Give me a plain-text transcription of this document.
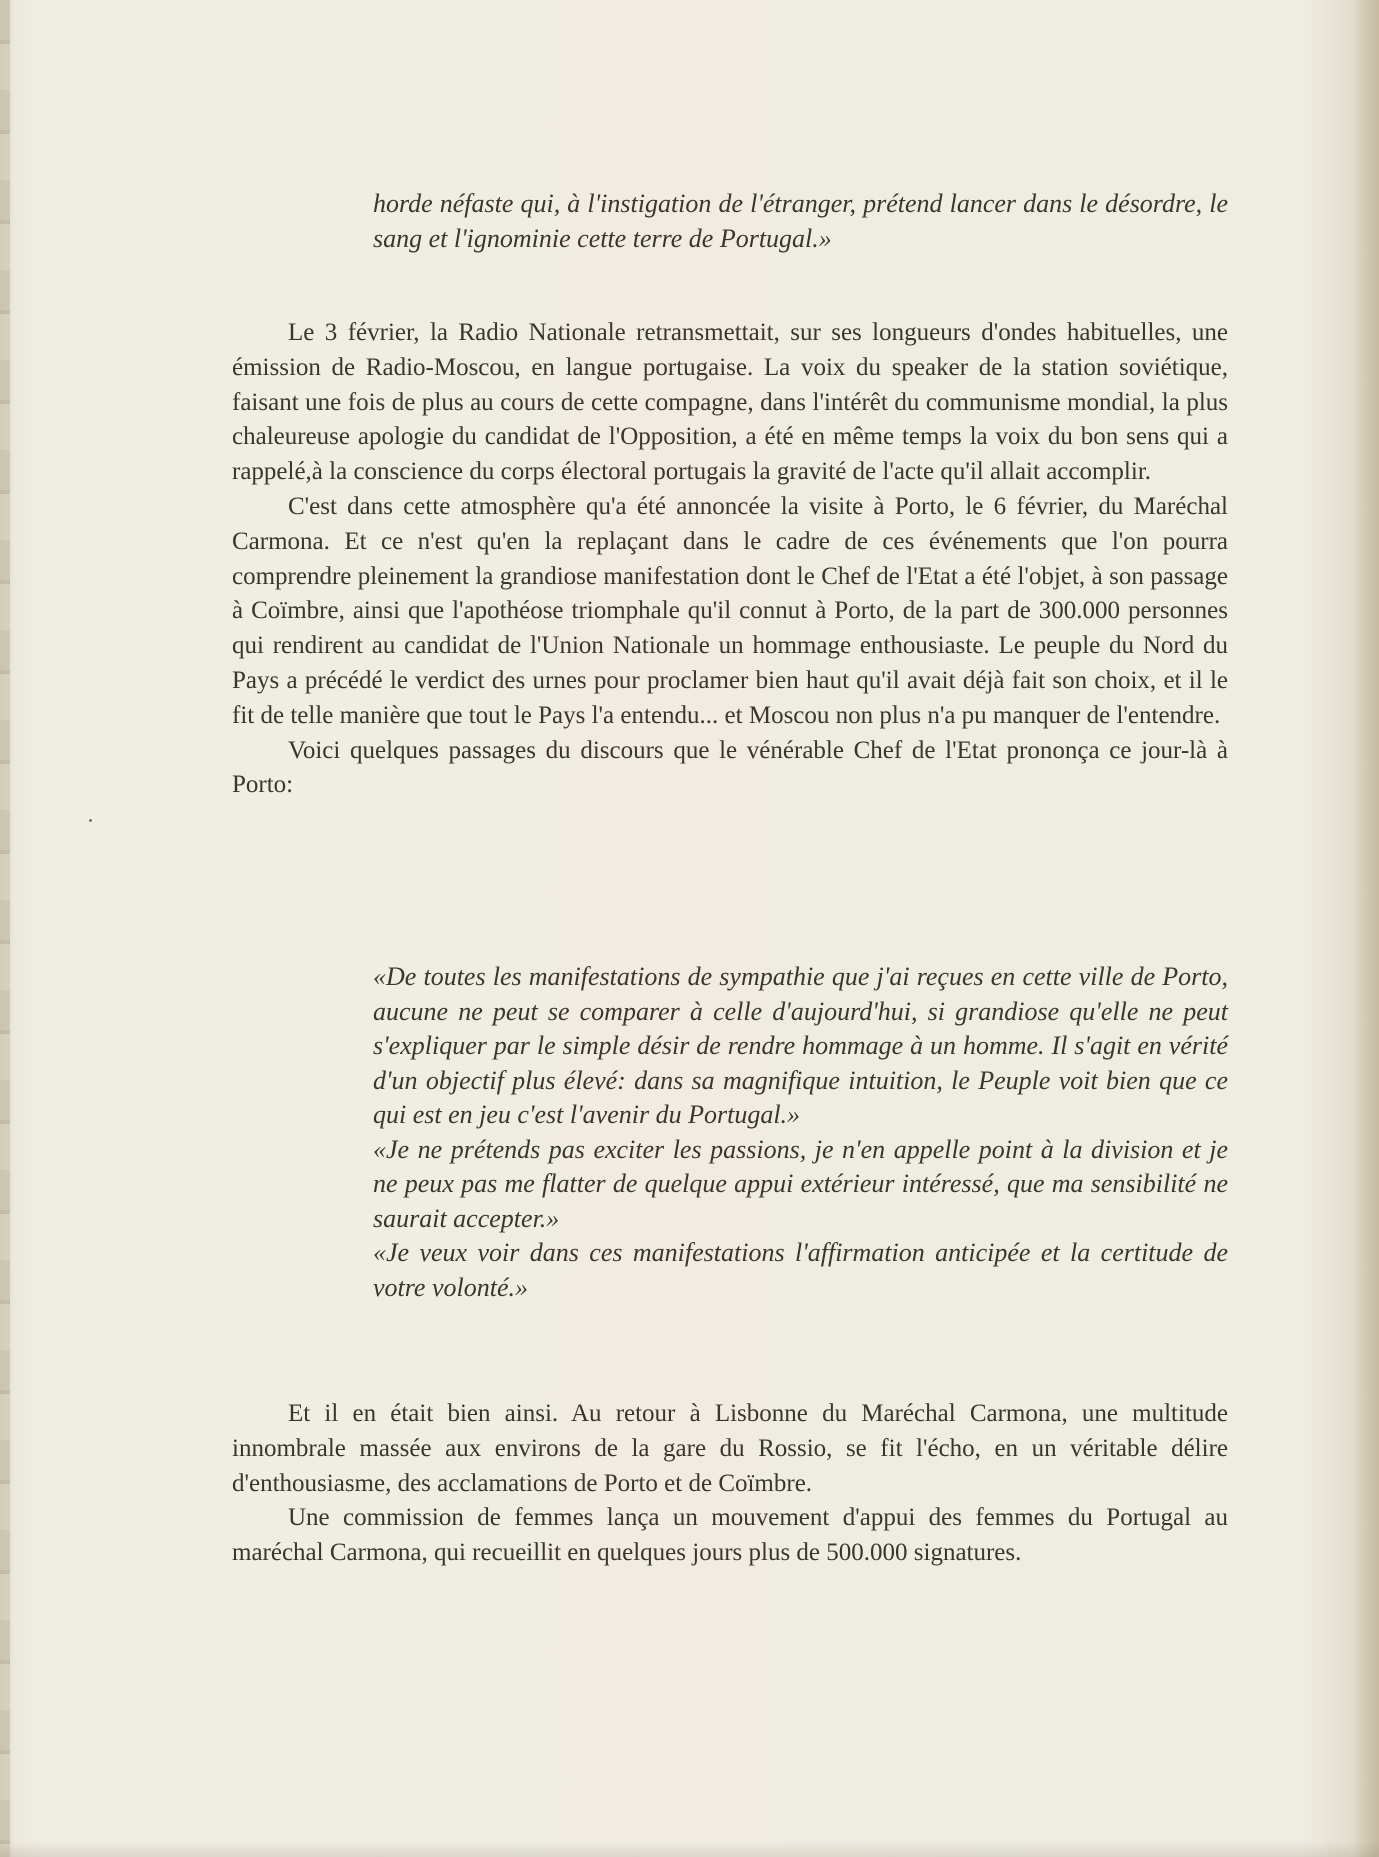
horde néfaste qui, à l'instigation de l'étranger, prétend lancer dans le désordre, le sang et l'ignominie cette terre de Portugal.»

Le 3 février, la Radio Nationale retransmettait, sur ses longueurs d'ondes habituelles, une émission de Radio-Moscou, en langue portugaise. La voix du speaker de la station soviétique, faisant une fois de plus au cours de cette compagne, dans l'intérêt du communisme mondial, la plus chaleureuse apologie du candidat de l'Opposition, a été en même temps la voix du bon sens qui a rappelé,à la conscience du corps électoral portugais la gravité de l'acte qu'il allait accomplir.

C'est dans cette atmosphère qu'a été annoncée la visite à Porto, le 6 février, du Maréchal Carmona. Et ce n'est qu'en la replaçant dans le cadre de ces événements que l'on pourra comprendre pleinement la grandiose manifestation dont le Chef de l'Etat a été l'objet, à son passage à Coïmbre, ainsi que l'apothéose triomphale qu'il connut à Porto, de la part de 300.000 personnes qui rendirent au candidat de l'Union Nationale un hommage enthousiaste. Le peuple du Nord du Pays a précédé le verdict des urnes pour proclamer bien haut qu'il avait déjà fait son choix, et il le fit de telle manière que tout le Pays l'a entendu... et Moscou non plus n'a pu manquer de l'entendre.

Voici quelques passages du discours que le vénérable Chef de l'Etat prononça ce jour-là à Porto:

«De toutes les manifestations de sympathie que j'ai reçues en cette ville de Porto, aucune ne peut se comparer à celle d'aujourd'hui, si grandiose qu'elle ne peut s'expliquer par le simple désir de rendre hommage à un homme. Il s'agit en vérité d'un objectif plus élevé: dans sa magnifique intuition, le Peuple voit bien que ce qui est en jeu c'est l'avenir du Portugal.»

«Je ne prétends pas exciter les passions, je n'en appelle point à la division et je ne peux pas me flatter de quelque appui extérieur intéressé, que ma sensibilité ne saurait accepter.»

«Je veux voir dans ces manifestations l'affirmation anticipée et la certitude de votre volonté.»

Et il en était bien ainsi. Au retour à Lisbonne du Maréchal Carmona, une multitude innombrale massée aux environs de la gare du Rossio, se fit l'écho, en un véritable délire d'enthousiasme, des acclamations de Porto et de Coïmbre.

Une commission de femmes lança un mouvement d'appui des femmes du Portugal au maréchal Carmona, qui recueillit en quelques jours plus de 500.000 signatures.
